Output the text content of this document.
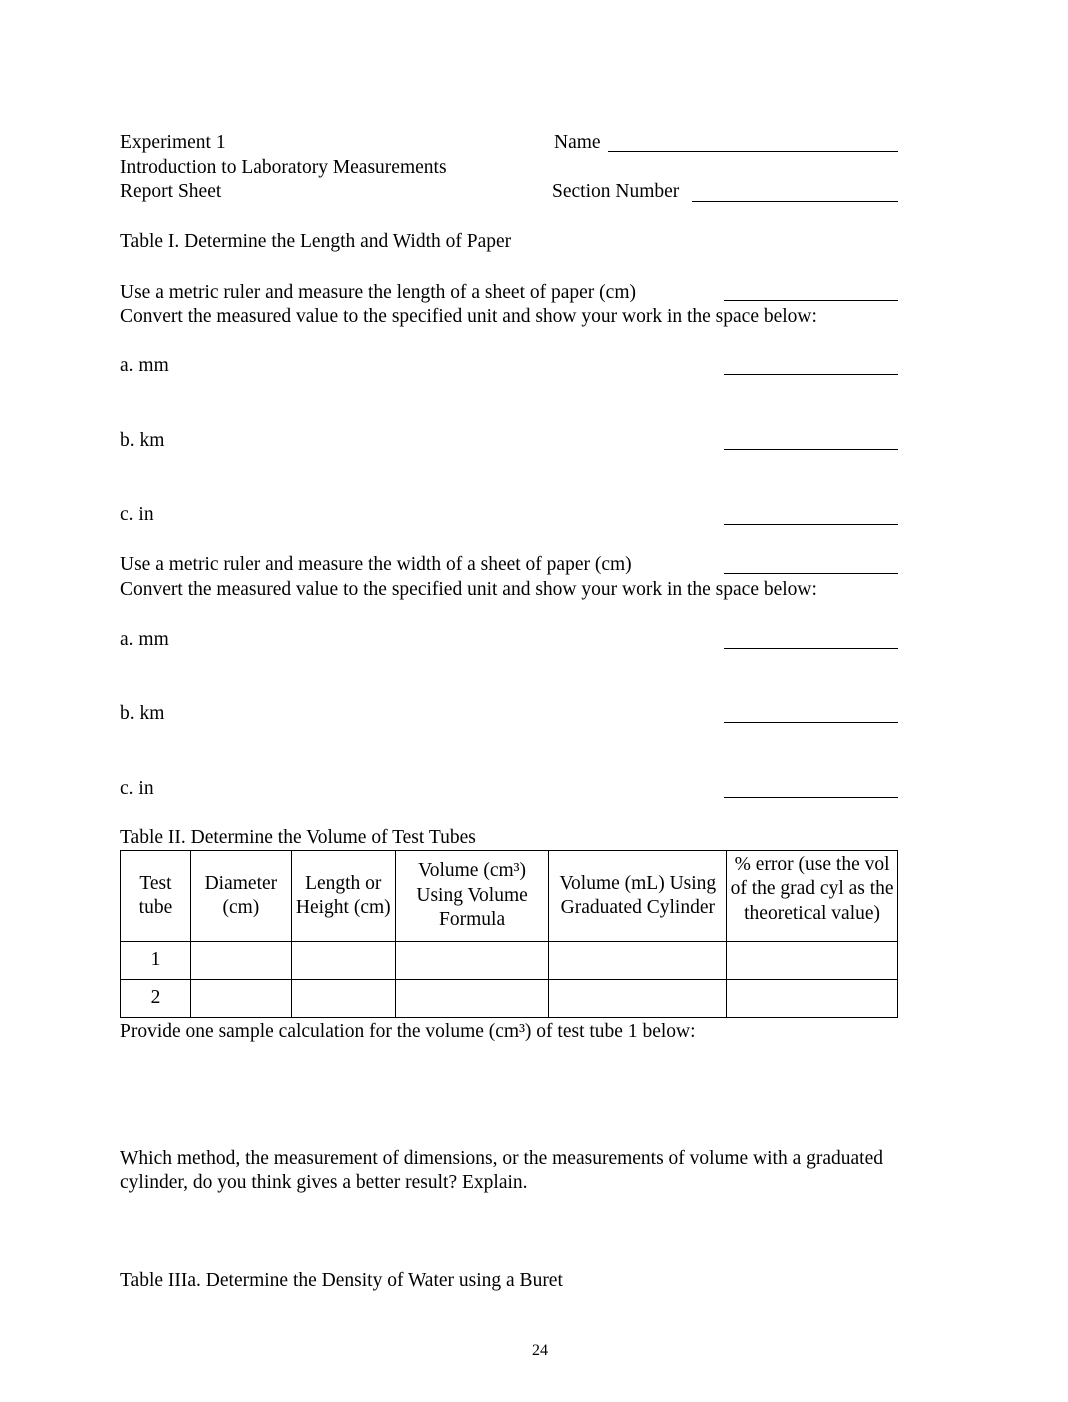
Experiment 1
Introduction to Laboratory Measurements
Report Sheet
Name
Section Number
Table I. Determine the Length and Width of Paper
Use a metric ruler and measure the length of a sheet of paper (cm)
Convert the measured value to the specified unit and show your work in the space below:
a. mm
b. km
c. in
Use a metric ruler and measure the width of a sheet of paper (cm)
Convert the measured value to the specified unit and show your work in the space below:
a. mm
b. km
c. in
Table II. Determine the Volume of Test Tubes
Test tube	Diameter (cm)	Length or Height (cm)	Volume (cm³) Using Volume Formula	Volume (mL) Using Graduated Cylinder	% error (use the vol of the grad cyl as the theoretical value)

1					
2					
Provide one sample calculation for the volume (cm³) of test tube 1 below:
Which method, the measurement of dimensions, or the measurements of volume with a graduated cylinder, do you think gives a better result? Explain.
Table IIIa. Determine the Density of Water using a Buret
24
